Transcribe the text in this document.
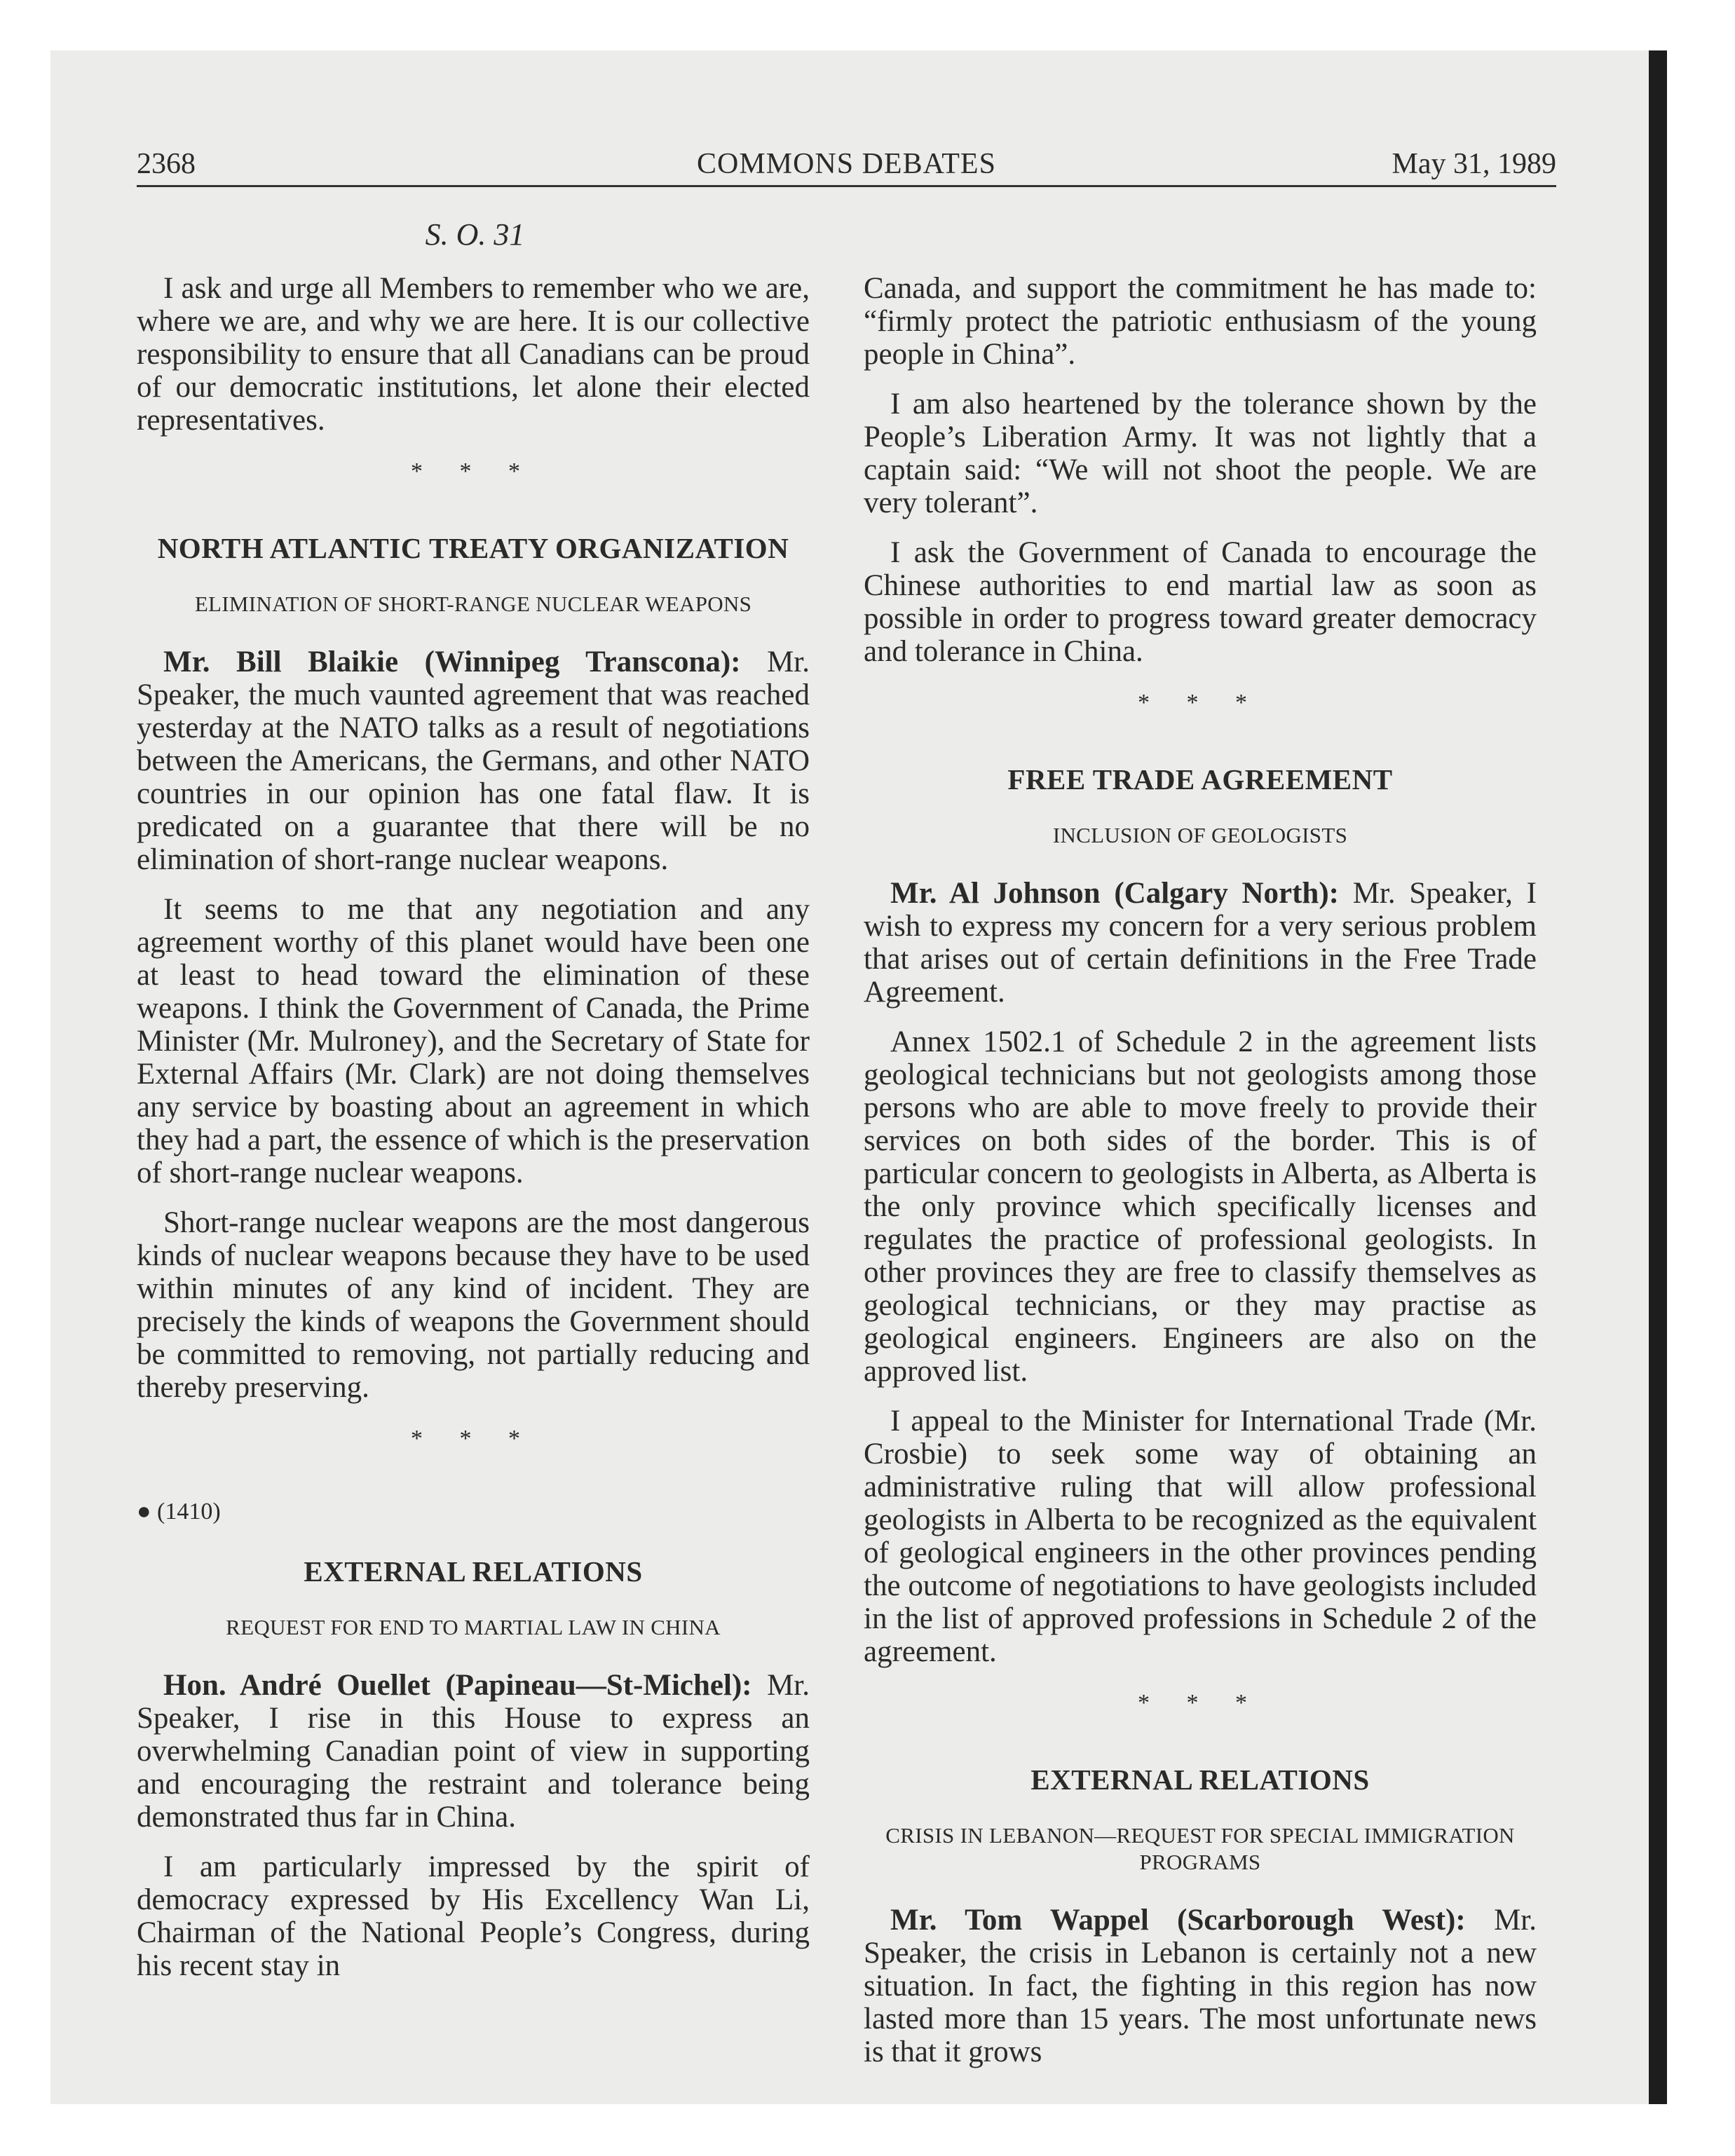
2368	COMMONS DEBATES	May 31, 1989
S. O. 31

I ask and urge all Members to remember who we are, where we are, and why we are here. It is our collective responsibility to ensure that all Canadians can be proud of our democratic institutions, let alone their elected representatives.

* * *
NORTH ATLANTIC TREATY ORGANIZATION
ELIMINATION OF SHORT-RANGE NUCLEAR WEAPONS

Mr. Bill Blaikie (Winnipeg Transcona): Mr. Speaker, the much vaunted agreement that was reached yesterday at the NATO talks as a result of negotiations between the Americans, the Germans, and other NATO countries in our opinion has one fatal flaw. It is predicated on a guarantee that there will be no elimination of short-range nuclear weapons.

It seems to me that any negotiation and any agreement worthy of this planet would have been one at least to head toward the elimination of these weapons. I think the Government of Canada, the Prime Minister (Mr. Mulroney), and the Secretary of State for External Affairs (Mr. Clark) are not doing themselves any service by boasting about an agreement in which they had a part, the essence of which is the preservation of short-range nuclear weapons.

Short-range nuclear weapons are the most dangerous kinds of nuclear weapons because they have to be used within minutes of any kind of incident. They are precisely the kinds of weapons the Government should be committed to removing, not partially reducing and thereby preserving.

* * *
● (1410)
EXTERNAL RELATIONS
REQUEST FOR END TO MARTIAL LAW IN CHINA

Hon. André Ouellet (Papineau—St-Michel): Mr. Speaker, I rise in this House to express an overwhelming Canadian point of view in supporting and encouraging the restraint and tolerance being demonstrated thus far in China.

I am particularly impressed by the spirit of democracy expressed by His Excellency Wan Li, Chairman of the National People’s Congress, during his recent stay in

Canada, and support the commitment he has made to: “firmly protect the patriotic enthusiasm of the young people in China”.

I am also heartened by the tolerance shown by the People’s Liberation Army. It was not lightly that a captain said: “We will not shoot the people. We are very tolerant”.

I ask the Government of Canada to encourage the Chinese authorities to end martial law as soon as possible in order to progress toward greater democracy and tolerance in China.

* * *
FREE TRADE AGREEMENT
INCLUSION OF GEOLOGISTS

Mr. Al Johnson (Calgary North): Mr. Speaker, I wish to express my concern for a very serious problem that arises out of certain definitions in the Free Trade Agreement.

Annex 1502.1 of Schedule 2 in the agreement lists geological technicians but not geologists among those persons who are able to move freely to provide their services on both sides of the border. This is of particular concern to geologists in Alberta, as Alberta is the only province which specifically licenses and regulates the practice of professional geologists. In other provinces they are free to classify themselves as geological technicians, or they may practise as geological engineers. Engineers are also on the approved list.

I appeal to the Minister for International Trade (Mr. Crosbie) to seek some way of obtaining an administrative ruling that will allow professional geologists in Alberta to be recognized as the equivalent of geological engineers in the other provinces pending the outcome of negotiations to have geologists included in the list of approved professions in Schedule 2 of the agreement.

* * *
EXTERNAL RELATIONS
CRISIS IN LEBANON—REQUEST FOR SPECIAL IMMIGRATION PROGRAMS

Mr. Tom Wappel (Scarborough West): Mr. Speaker, the crisis in Lebanon is certainly not a new situation. In fact, the fighting in this region has now lasted more than 15 years. The most unfortunate news is that it grows
